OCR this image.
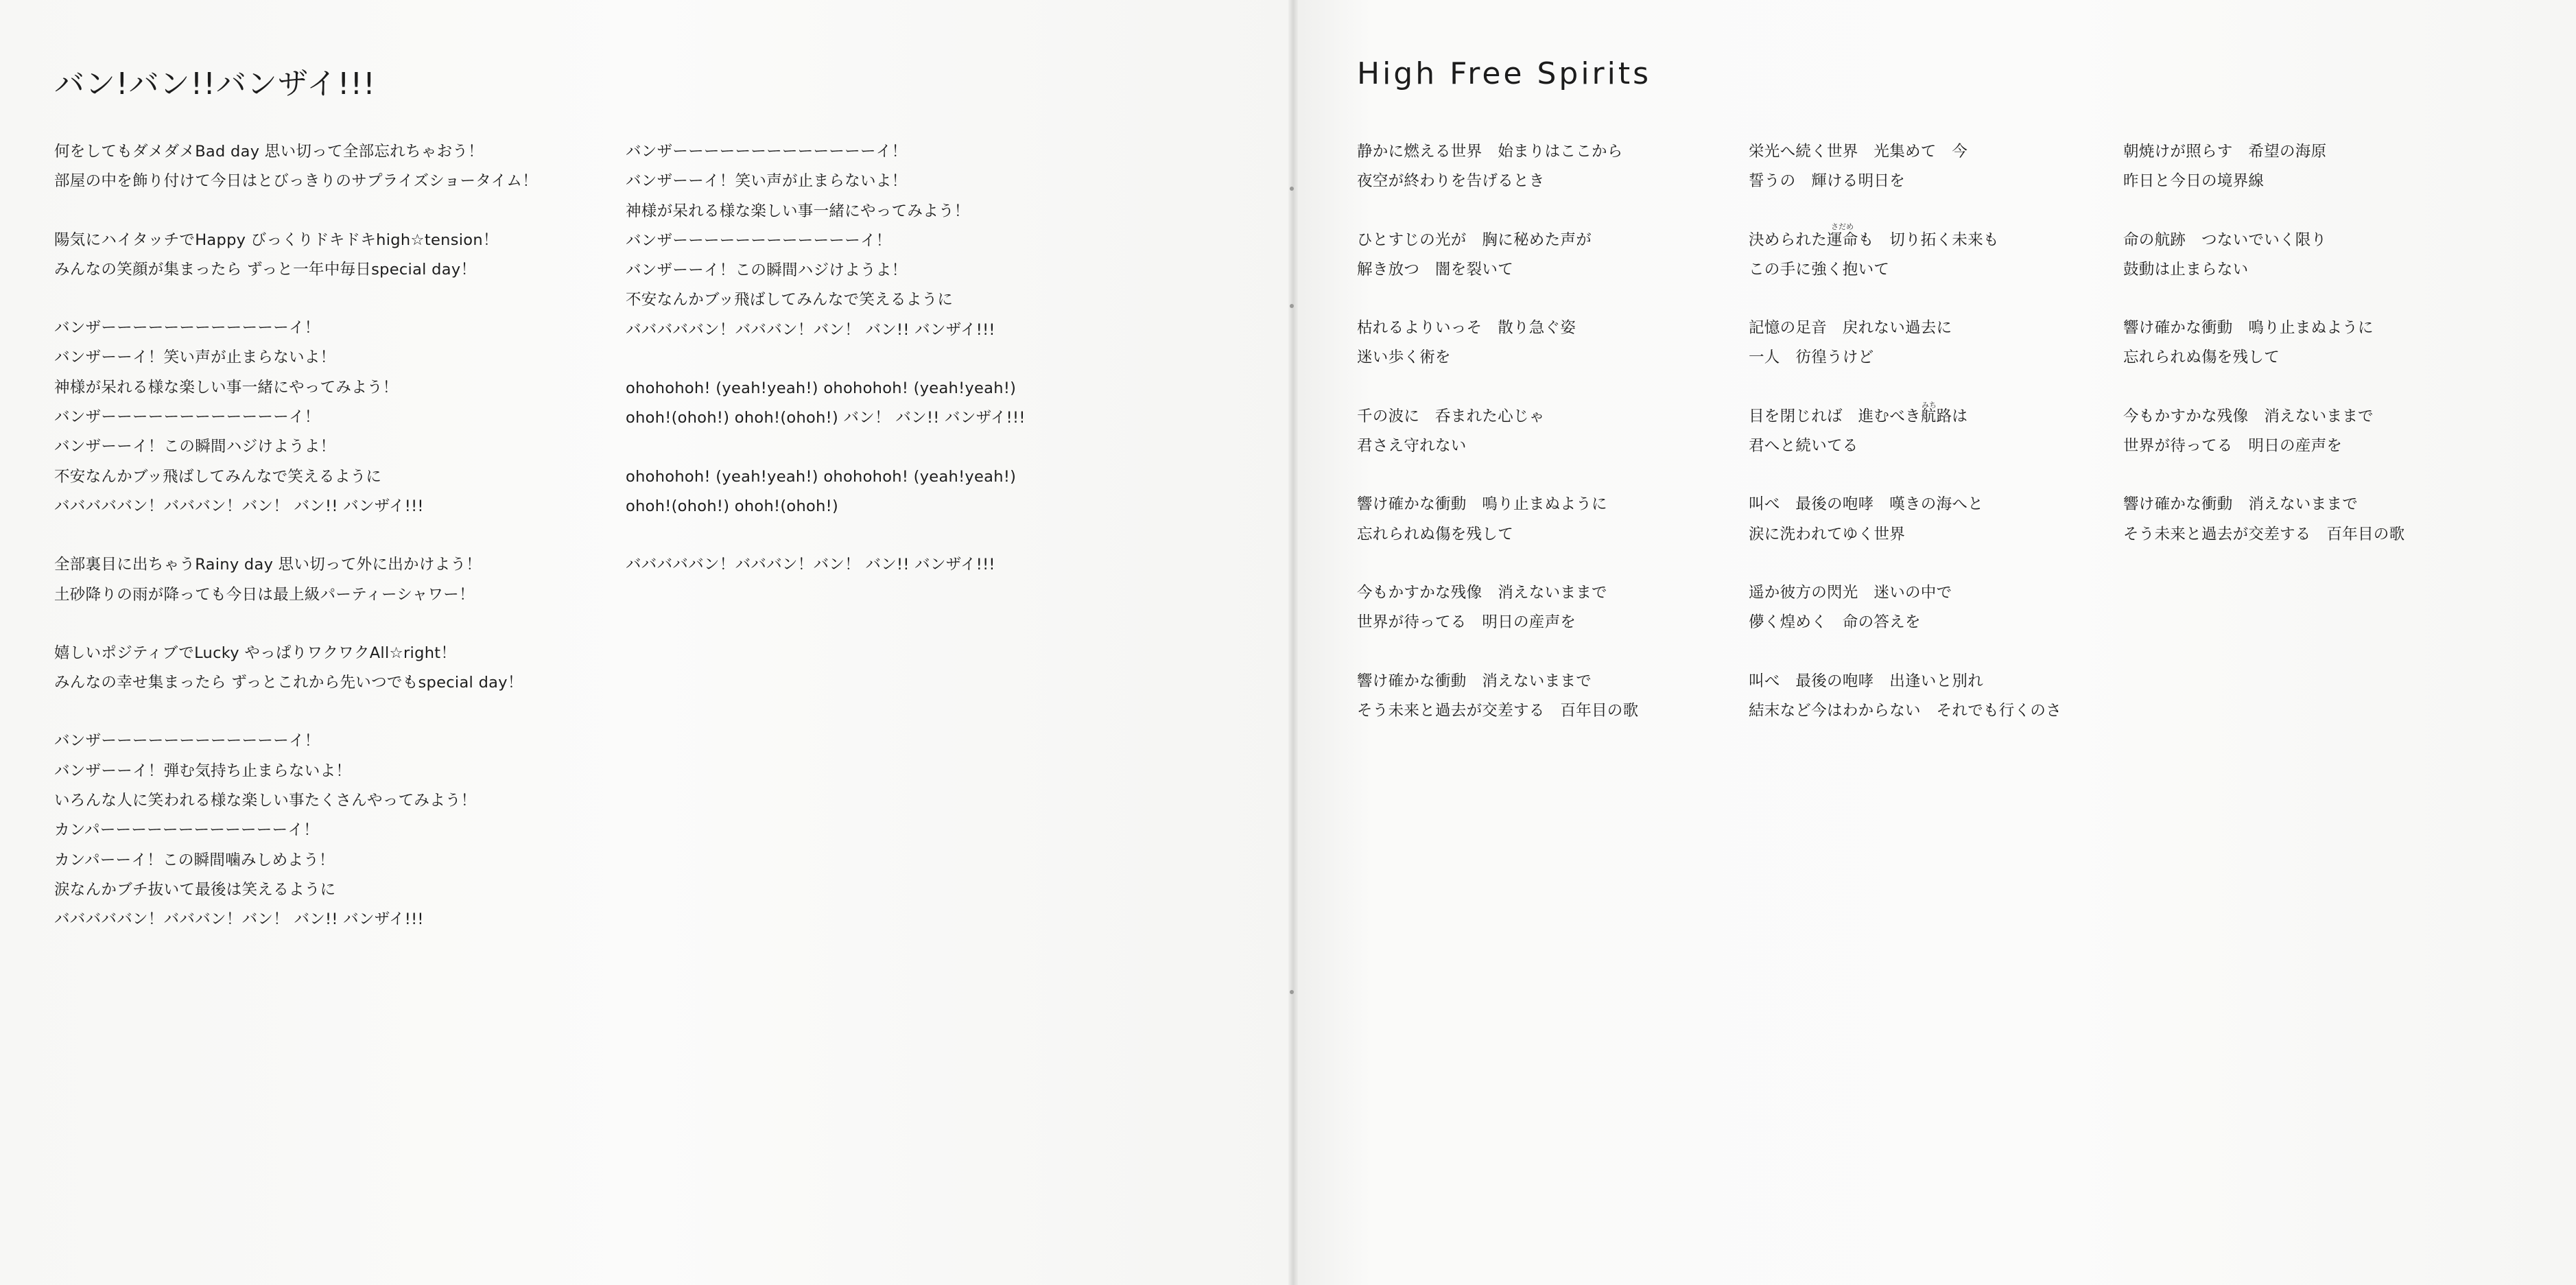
バン!バン!!バンザイ!!!
何をしてもダメダメBad day 思い切って全部忘れちゃおう！
部屋の中を飾り付けて今日はとびっきりのサプライズショータイム！
陽気にハイタッチでHappy びっくりドキドキhigh☆tension！
みんなの笑顔が集まったら ずっと一年中毎日special day！
バンザーーーーーーーーーーーーイ！
バンザーーイ！笑い声が止まらないよ！
神様が呆れる様な楽しい事一緒にやってみよう！
バンザーーーーーーーーーーーーイ！
バンザーーイ！この瞬間ハジけようよ！
不安なんかブッ飛ばしてみんなで笑えるように
バババババン！バババン！バン！ バン!! バンザイ!!!
全部裏目に出ちゃうRainy day 思い切って外に出かけよう！
土砂降りの雨が降っても今日は最上級パーティーシャワー！
嬉しいポジティブでLucky やっぱりワクワクAll☆right！
みんなの幸せ集まったら ずっとこれから先いつでもspecial day！
バンザーーーーーーーーーーーーイ！
バンザーーイ！弾む気持ち止まらないよ！
いろんな人に笑われる様な楽しい事たくさんやってみよう！
カンパーーーーーーーーーーーーイ！
カンパーーイ！この瞬間噛みしめよう！
涙なんかブチ抜いて最後は笑えるように
バババババン！バババン！バン！ バン!! バンザイ!!!
バンザーーーーーーーーーーーーーイ！
バンザーーイ！笑い声が止まらないよ！
神様が呆れる様な楽しい事一緒にやってみよう！
バンザーーーーーーーーーーーーイ！
バンザーーイ！この瞬間ハジけようよ！
不安なんかブッ飛ばしてみんなで笑えるように
バババババン！バババン！バン！ バン!! バンザイ!!!
ohohohoh! (yeah!yeah!) ohohohoh! (yeah!yeah!)
ohoh!(ohoh!) ohoh!(ohoh!) バン！ バン!! バンザイ!!!
ohohohoh! (yeah!yeah!) ohohohoh! (yeah!yeah!)
ohoh!(ohoh!) ohoh!(ohoh!)
バババババン！バババン！バン！ バン!! バンザイ!!!
High Free Spirits
静かに燃える世界　始まりはここから
夜空が終わりを告げるとき
ひとすじの光が　胸に秘めた声が
解き放つ　闇を裂いて
枯れるよりいっそ　散り急ぐ姿
迷い歩く術を
千の波に　呑まれた心じゃ
君さえ守れない
響け確かな衝動　鳴り止まぬように
忘れられぬ傷を残して
今もかすかな残像　消えないままで
世界が待ってる　明日の産声を
響け確かな衝動　消えないままで
そう未来と過去が交差する　百年目の歌
栄光へ続く世界　光集めて　今
誓うの　輝ける明日を
決められた運命も　切り拓く未来も
この手に強く抱いて
記憶の足音　戻れない過去に
一人　彷徨うけど
目を閉じれば　進むべき航路は
君へと続いてる
叫べ　最後の咆哮　嘆きの海へと
涙に洗われてゆく世界
遥か彼方の閃光　迷いの中で
儚く煌めく　命の答えを
叫べ　最後の咆哮　出逢いと別れ
結末など今はわからない　それでも行くのさ
朝焼けが照らす　希望の海原
昨日と今日の境界線
命の航跡　つないでいく限り
鼓動は止まらない
響け確かな衝動　鳴り止まぬように
忘れられぬ傷を残して
今もかすかな残像　消えないままで
世界が待ってる　明日の産声を
響け確かな衝動　消えないままで
そう未来と過去が交差する　百年目の歌
さだめ
みち
